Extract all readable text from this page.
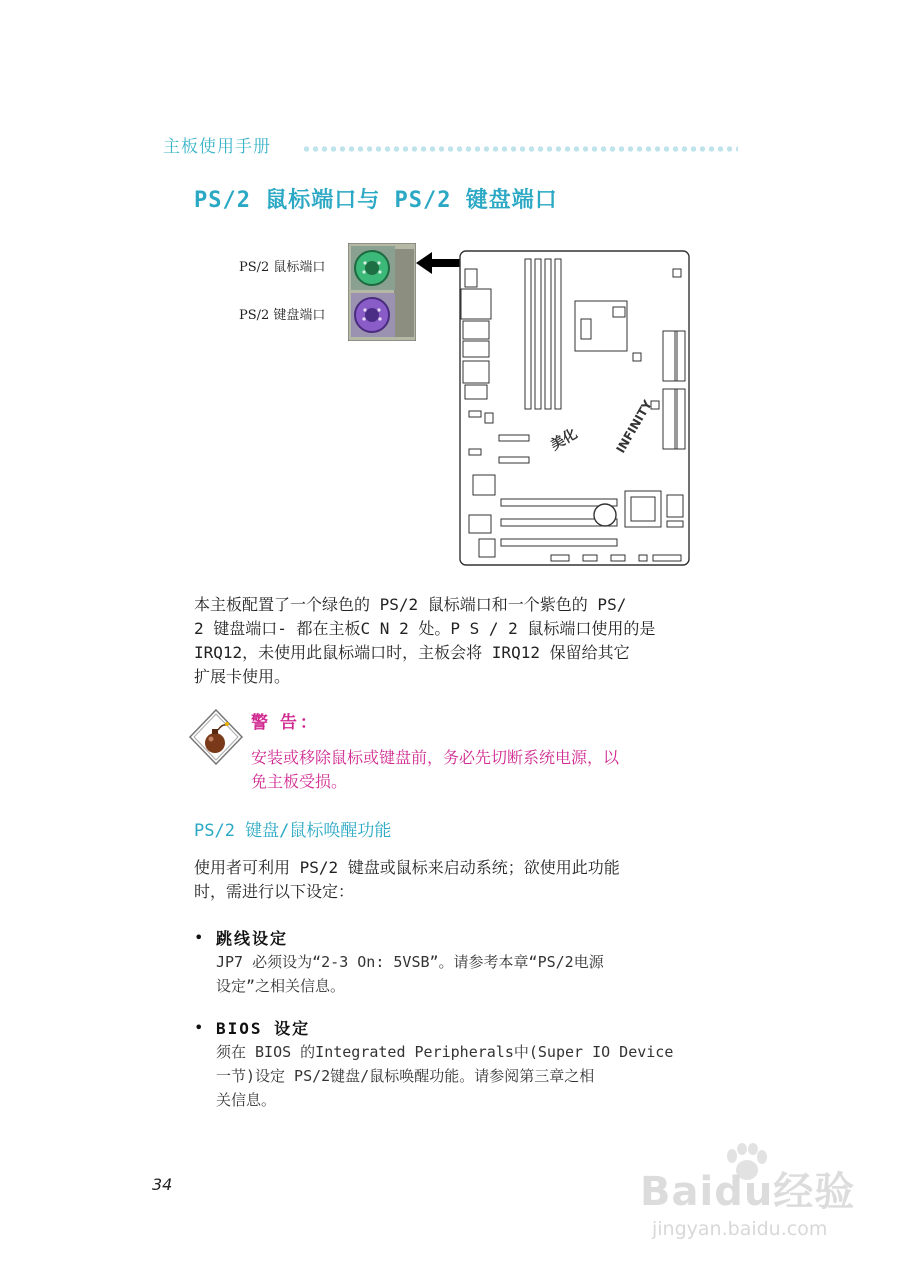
主板使用手册
PS/2 鼠标端口与 PS/2 键盘端口
PS/2 鼠标端口
PS/2 键盘端口
美化	INFINITY
本主板配置了一个绿色的 PS/2 鼠标端口和一个紫色的 PS/
2 键盘端口- 都在主板C N 2 处。P S / 2 鼠标端口使用的是
IRQ12，未使用此鼠标端口时，主板会将 IRQ12 保留给其它
扩展卡使用。
警 告：
安装或移除鼠标或键盘前，务必先切断系统电源，以
免主板受损。
PS/2 键盘/鼠标唤醒功能
使用者可利用 PS/2 键盘或鼠标来启动系统；欲使用此功能
时，需进行以下设定：
• 跳线设定
JP7 必须设为“2-3 On: 5VSB”。请参考本章“PS/2电源
设定”之相关信息。
• BIOS 设定
须在 BIOS 的Integrated Peripherals中(Super IO Device
一节)设定 PS/2键盘/鼠标唤醒功能。请参阅第三章之相
关信息。
34	Baidu经验
jingyan.baidu.com
